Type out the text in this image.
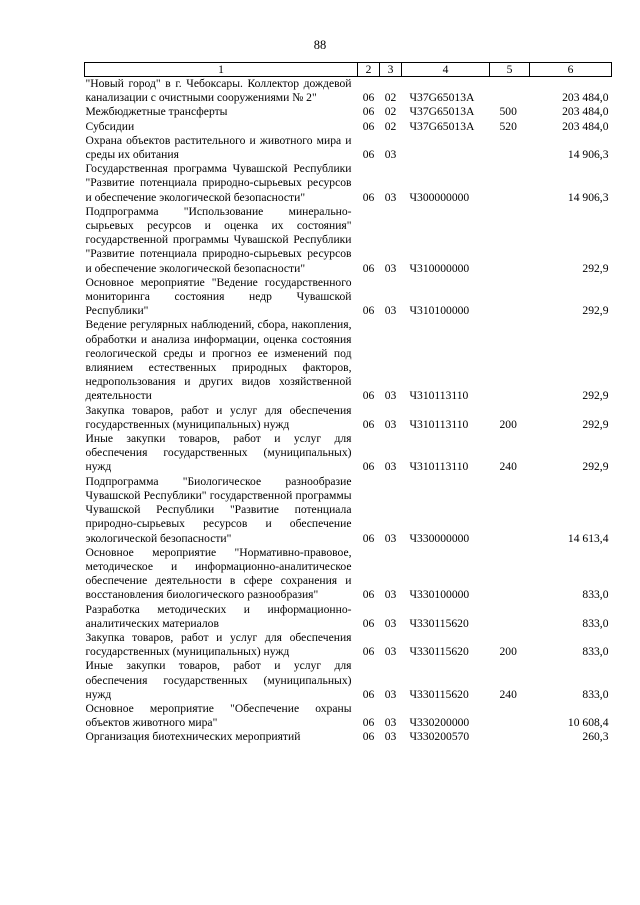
88
1	2	3	4	5	6
"Новый город" в г. Чебоксары. Коллектор дождевой канализации с очистными сооружениями № 2"	06	02	Ч37G65013А		203 484,0
Межбюджетные трансферты	06	02	Ч37G65013А	500	203 484,0
Субсидии	06	02	Ч37G65013А	520	203 484,0
Охрана объектов растительного и животного мира и среды их обитания	06	03			14 906,3
Государственная программа Чувашской Республики "Развитие потенциала природно-сырьевых ресурсов и обеспечение экологической безопасности"	06	03	Ч300000000		14 906,3
Подпрограмма "Использование минерально-сырьевых ресурсов и оценка их состояния" государственной программы Чувашской Республики "Развитие потенциала природно-сырьевых ресурсов и обеспечение экологической безопасности"	06	03	Ч310000000		292,9
Основное мероприятие "Ведение государственного мониторинга состояния недр Чувашской Республики"	06	03	Ч310100000		292,9
Ведение регулярных наблюдений, сбора, накопления, обработки и анализа информации, оценка состояния геологической среды и прогноз ее изменений под влиянием естественных природных факторов, недропользования и других видов хозяйственной деятельности	06	03	Ч310113110		292,9
Закупка товаров, работ и услуг для обеспечения государственных (муниципальных) нужд	06	03	Ч310113110	200	292,9
Иные закупки товаров, работ и услуг для обеспечения государственных (муниципальных) нужд	06	03	Ч310113110	240	292,9
Подпрограмма "Биологическое разнообразие Чувашской Республики" государственной программы Чувашской Республики "Развитие потенциала природно-сырьевых ресурсов и обеспечение экологической безопасности"	06	03	Ч330000000		14 613,4
Основное мероприятие "Нормативно-правовое, методическое и информационно-аналитическое обеспечение деятельности в сфере сохранения и восстановления биологического разнообразия"	06	03	Ч330100000		833,0
Разработка методических и информационно-аналитических материалов	06	03	Ч330115620		833,0
Закупка товаров, работ и услуг для обеспечения государственных (муниципальных) нужд	06	03	Ч330115620	200	833,0
Иные закупки товаров, работ и услуг для обеспечения государственных (муниципальных) нужд	06	03	Ч330115620	240	833,0
Основное мероприятие "Обеспечение охраны объектов животного мира"	06	03	Ч330200000		10 608,4
Организация биотехнических мероприятий	06	03	Ч330200570		260,3
